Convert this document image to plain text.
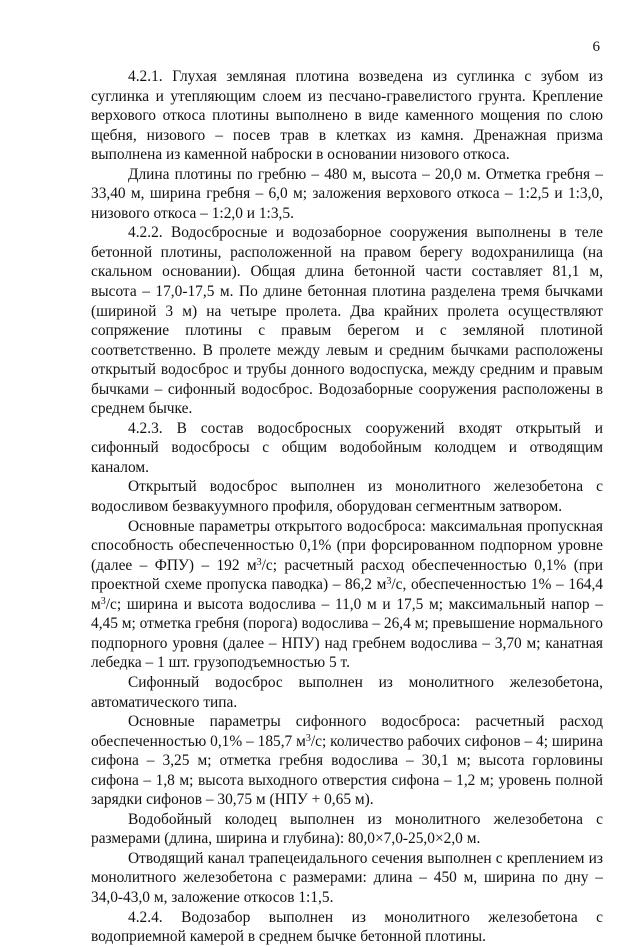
6

4.2.1. Глухая земляная плотина возведена из суглинка с зубом из суглинка и утепляющим слоем из песчано-гравелистого грунта. Крепление верхового откоса плотины выполнено в виде каменного мощения по слою щебня, низового – посев трав в клетках из камня. Дренажная призма выполнена из каменной наброски в основании низового откоса.

Длина плотины по гребню – 480 м, высота – 20,0 м. Отметка гребня – 33,40 м, ширина гребня – 6,0 м; заложения верхового откоса – 1:2,5 и 1:3,0, низового откоса – 1:2,0 и 1:3,5.

4.2.2. Водосбросные и водозаборное сооружения выполнены в теле бетонной плотины, расположенной на правом берегу водохранилища (на скальном основании). Общая длина бетонной части составляет 81,1 м, высота – 17,0-17,5 м. По длине бетонная плотина разделена тремя бычками (шириной 3 м) на четыре пролета. Два крайних пролета осуществляют сопряжение плотины с правым берегом и с земляной плотиной соответственно. В пролете между левым и средним бычками расположены открытый водосброс и трубы донного водоспуска, между средним и правым бычками – сифонный водосброс. Водозаборные сооружения расположены в среднем бычке.

4.2.3. В состав водосбросных сооружений входят открытый и сифонный водосбросы с общим водобойным колодцем и отводящим каналом.

Открытый водосброс выполнен из монолитного железобетона с водосливом безвакуумного профиля, оборудован сегментным затвором.

Основные параметры открытого водосброса: максимальная пропускная способность обеспеченностью 0,1% (при форсированном подпорном уровне (далее – ФПУ) – 192 $м^3/с$; расчетный расход обеспеченностью 0,1% (при проектной схеме пропуска паводка) – 86,2 $м^3/с$, обеспеченностью 1% – 164,4 $м^3/с$; ширина и высота водослива – 11,0 м и 17,5 м; максимальный напор – 4,45 м; отметка гребня (порога) водослива – 26,4 м; превышение нормального подпорного уровня (далее – НПУ) над гребнем водослива – 3,70 м; канатная лебедка – 1 шт. грузоподъемностью 5 т.

Сифонный водосброс выполнен из монолитного железобетона, автоматического типа.

Основные параметры сифонного водосброса: расчетный расход обеспеченностью 0,1% – 185,7 $м^3/с$; количество рабочих сифонов – 4; ширина сифона – 3,25 м; отметка гребня водослива – 30,1 м; высота горловины сифона – 1,8 м; высота выходного отверстия сифона – 1,2 м; уровень полной зарядки сифонов – 30,75 м (НПУ + 0,65 м).

Водобойный колодец выполнен из монолитного железобетона с размерами (длина, ширина и глубина): 80,0×7,0-25,0×2,0 м.

Отводящий канал трапецеидального сечения выполнен с креплением из монолитного железобетона с размерами: длина – 450 м, ширина по дну – 34,0-43,0 м, заложение откосов 1:1,5.

4.2.4. Водозабор выполнен из монолитного железобетона с водоприемной камерой в среднем бычке бетонной плотины.
